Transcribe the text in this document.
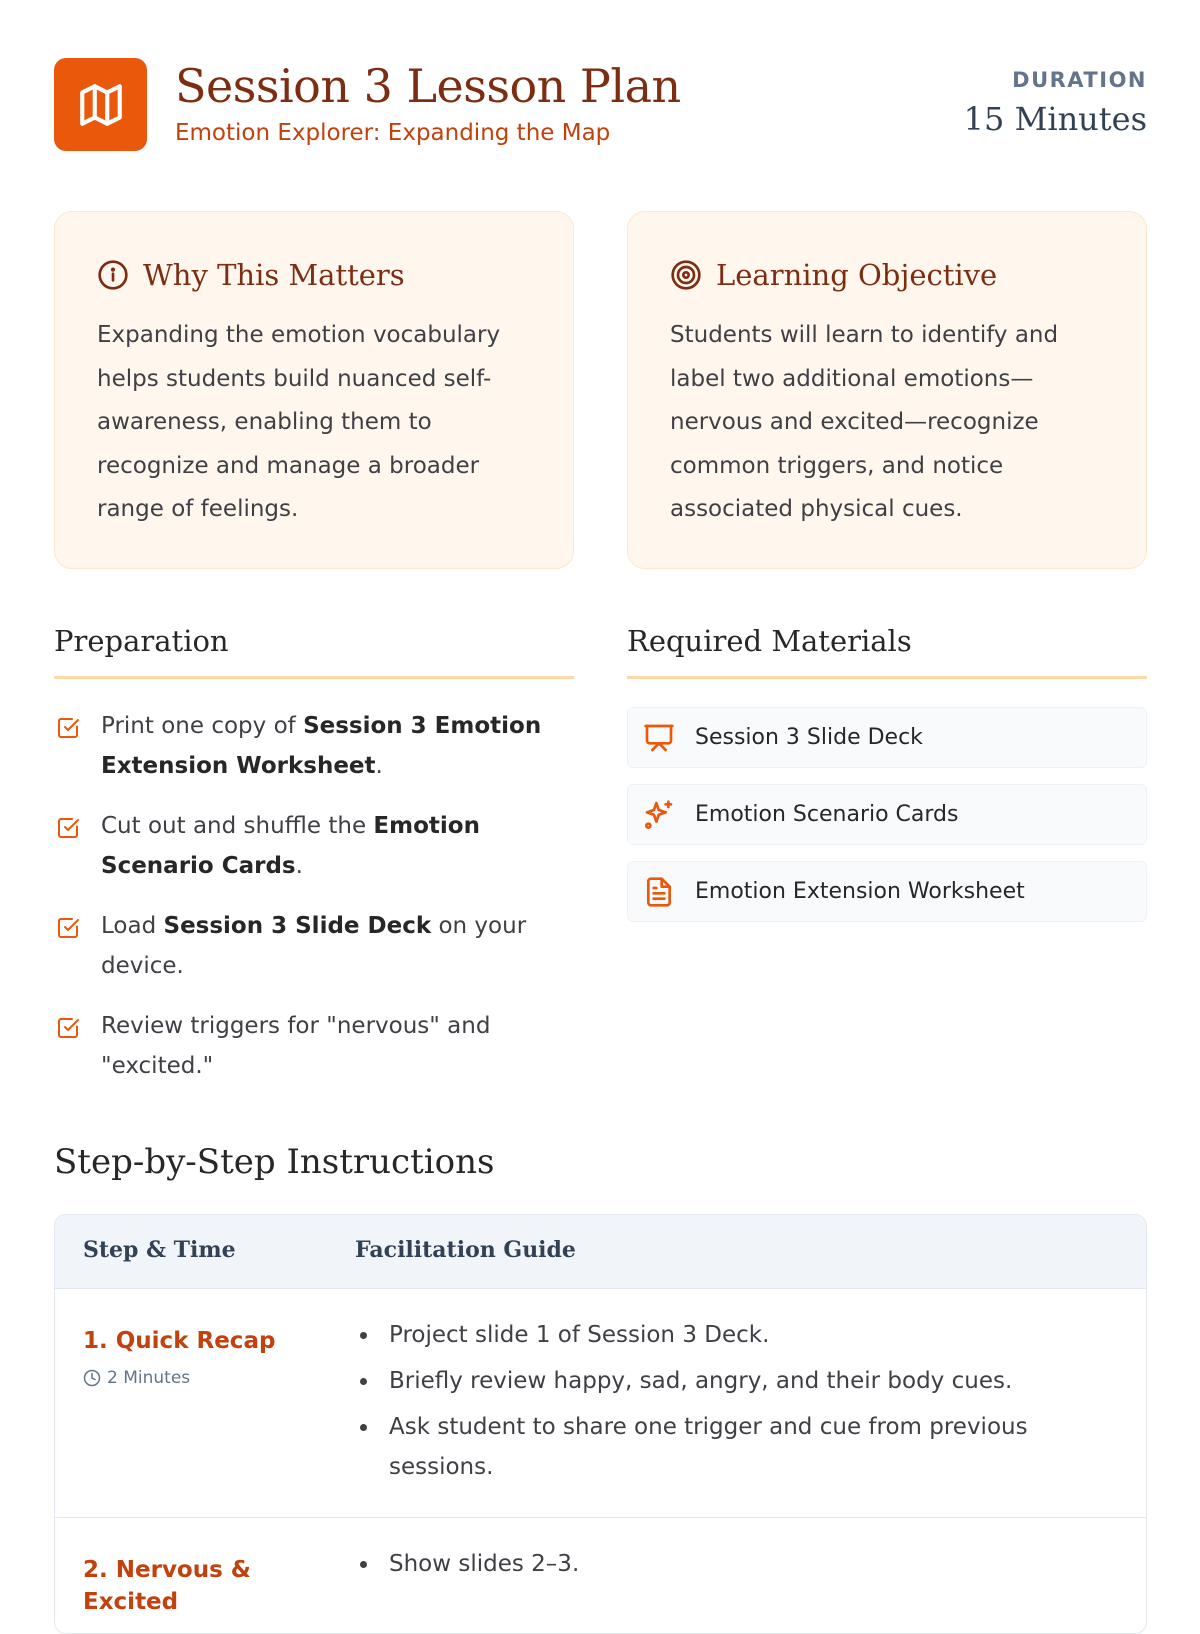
Session 3 Lesson Plan
Emotion Explorer: Expanding the Map
DURATION
15 Minutes
Why This Matters
Expanding the emotion vocabulary helps students build nuanced self-awareness, enabling them to recognize and manage a broader range of feelings.
Learning Objective
Students will learn to identify and label two additional emotions—nervous and excited—recognize common triggers, and notice associated physical cues.
Preparation
Print one copy of Session 3 Emotion Extension Worksheet.
Cut out and shuffle the Emotion Scenario Cards.
Load Session 3 Slide Deck on your device.
Review triggers for "nervous" and "excited."
Required Materials
Session 3 Slide Deck
Emotion Scenario Cards
Emotion Extension Worksheet
Step-by-Step Instructions
Step & Time	Facilitation Guide
1. Quick Recap
2 Minutes
Project slide 1 of Session 3 Deck.
Briefly review happy, sad, angry, and their body cues.
Ask student to share one trigger and cue from previous sessions.
2. Nervous & Excited
Show slides 2–3.
